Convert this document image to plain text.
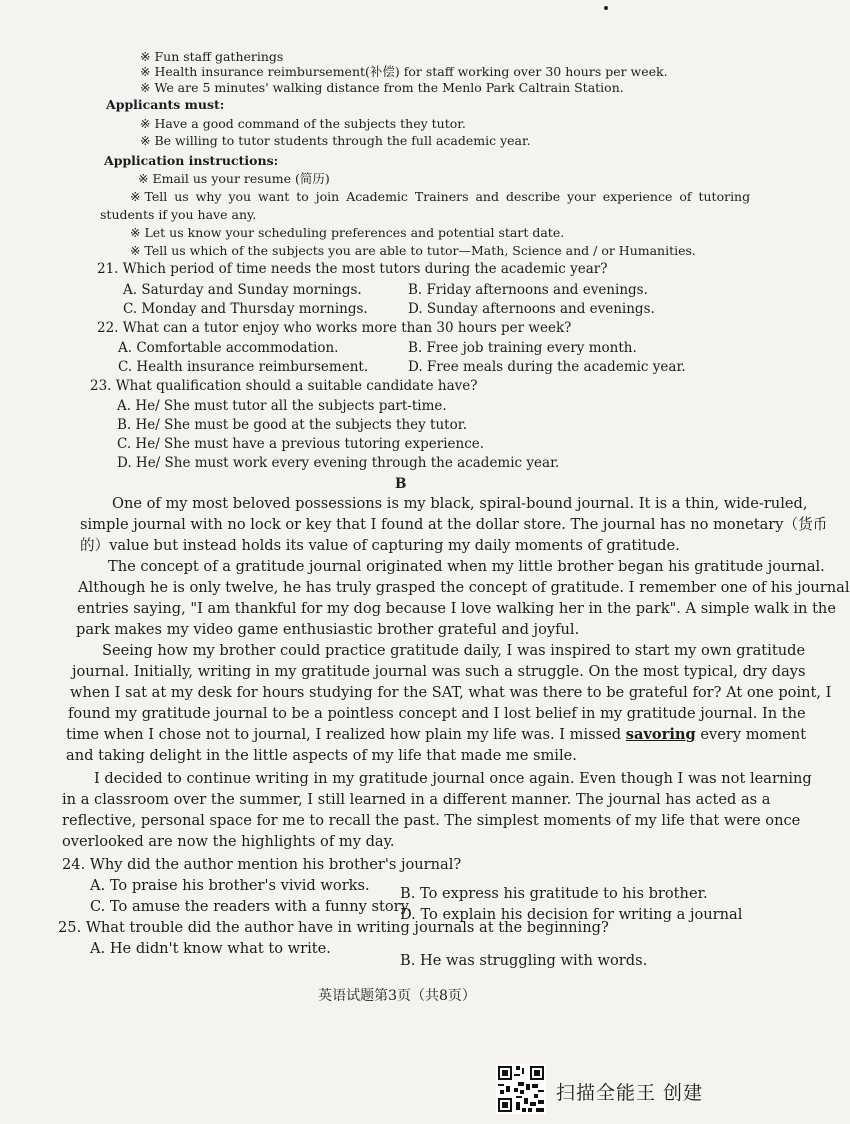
※ Fun staff gatherings
※ Health insurance reimbursement(补偿) for staff working over 30 hours per week.
※ We are 5 minutes' walking distance from the Menlo Park Caltrain Station.
Applicants must:
※ Have a good command of the subjects they tutor.
※ Be willing to tutor students through the full academic year.
Application instructions:
※ Email us your resume (简历)
※ Tell us why you want to join Academic Trainers and describe your experience of tutoring
students if you have any.
※ Let us know your scheduling preferences and potential start date.
※ Tell us which of the subjects you are able to tutor—Math, Science and / or Humanities.
21. Which period of time needs the most tutors during the academic year?
A. Saturday and Sunday mornings.	B. Friday afternoons and evenings.
C. Monday and Thursday mornings.	D. Sunday afternoons and evenings.
22. What can a tutor enjoy who works more than 30 hours per week?
A. Comfortable accommodation.	B. Free job training every month.
C. Health insurance reimbursement.	D. Free meals during the academic year.
23. What qualification should a suitable candidate have?
A. He/ She must tutor all the subjects part-time.
B. He/ She must be good at the subjects they tutor.
C. He/ She must have a previous tutoring experience.
D. He/ She must work every evening through the academic year.
B
One of my most beloved possessions is my black, spiral-bound journal. It is a thin, wide-ruled,
simple journal with no lock or key that I found at the dollar store. The journal has no monetary（货币
的）value but instead holds its value of capturing my daily moments of gratitude.
The concept of a gratitude journal originated when my little brother began his gratitude journal.
Although he is only twelve, he has truly grasped the concept of gratitude. I remember one of his journal
entries saying, "I am thankful for my dog because I love walking her in the park". A simple walk in the
park makes my video game enthusiastic brother grateful and joyful.
Seeing how my brother could practice gratitude daily, I was inspired to start my own gratitude
journal. Initially, writing in my gratitude journal was such a struggle. On the most typical, dry days
when I sat at my desk for hours studying for the SAT, what was there to be grateful for? At one point, I
found my gratitude journal to be a pointless concept and I lost belief in my gratitude journal. In the
time when I chose not to journal, I realized how plain my life was. I missed savoring every moment
and taking delight in the little aspects of my life that made me smile.
I decided to continue writing in my gratitude journal once again. Even though I was not learning
in a classroom over the summer, I still learned in a different manner. The journal has acted as a
reflective, personal space for me to recall the past. The simplest moments of my life that were once
overlooked are now the highlights of my day.
24. Why did the author mention his brother's journal?
A. To praise his brother's vivid works. B. To express his gratitude to his brother.
C. To amuse the readers with a funny story.
D. To explain his decision for writing a journal
25. What trouble did the author have in writing journals at the beginning?
A. He didn't know what to write.
B. He was struggling with words.
英语试题第3页（共8页）
扫描全能王 创建
